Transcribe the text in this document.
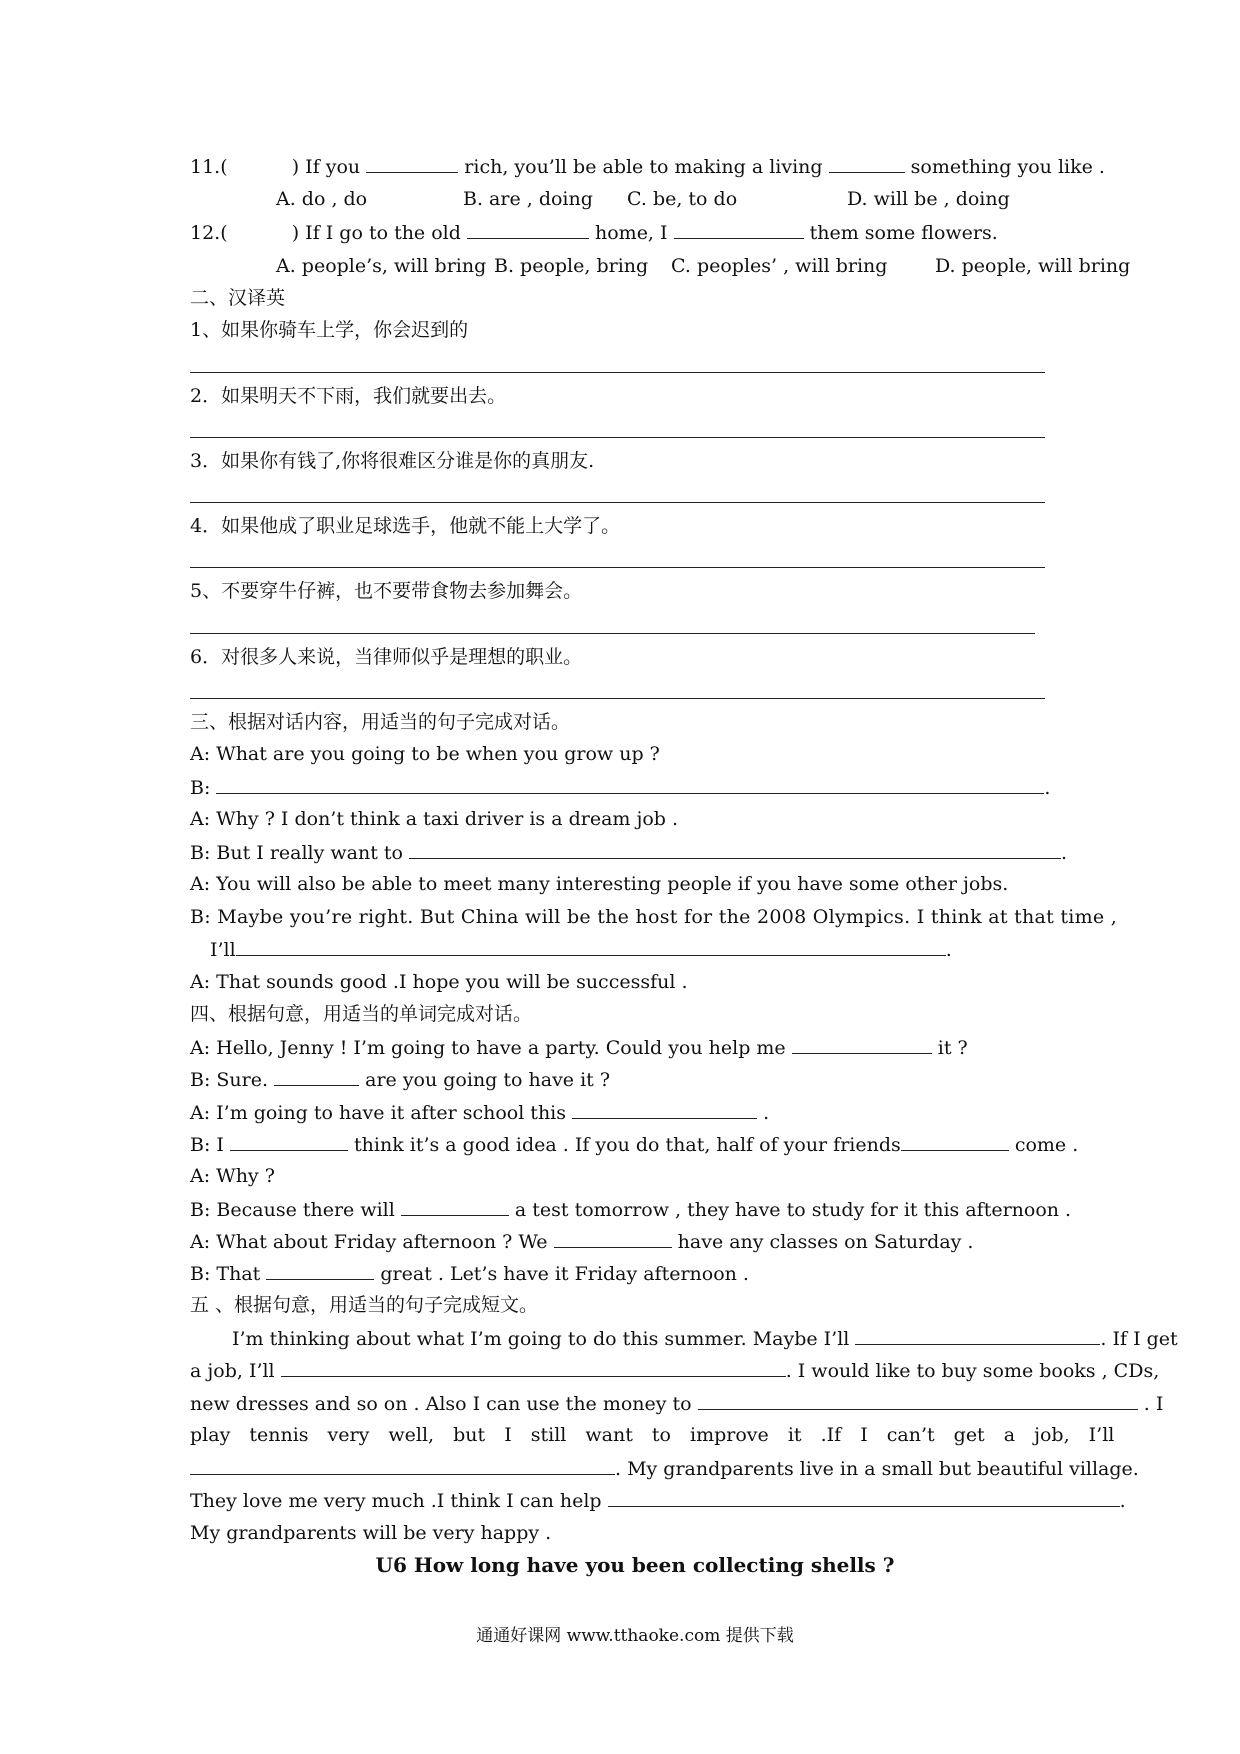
11.(	) If you	rich, you’ll be able to making a living	something you like .
A. do , do	B. are , doing C. be, to do	D. will be , doing
12.(	) If I go to the old	home, I	them some flowers.
A. people’s, will bring B. people, bring C. peoples’ , will bring	D. people, will bring
二、汉译英
1、如果你骑车上学，你会迟到的
2．如果明天不下雨，我们就要出去。
3．如果你有钱了,你将很难区分谁是你的真朋友.
4．如果他成了职业足球选手，他就不能上大学了。
5、不要穿牛仔裤，也不要带食物去参加舞会。
6．对很多人来说，当律师似乎是理想的职业。
三、根据对话内容，用适当的句子完成对话。
A: What are you going to be when you grow up ?
B:	.
A: Why ? I don’t think a taxi driver is a dream job .
B: But I really want to	.
A: You will also be able to meet many interesting people if you have some other jobs.
B: Maybe you’re right. But China will be the host for the 2008 Olympics. I think at that time ,
I’ll	.
A: That sounds good .I hope you will be successful .
四、根据句意，用适当的单词完成对话。
A: Hello, Jenny ! I’m going to have a party. Could you help me	it ?
B: Sure.	are you going to have it ?
A: I’m going to have it after school this	.
B: I	think it’s a good idea . If you do that, half of your friends	come .
A: Why ?
B: Because there will	a test tomorrow , they have to study for it this afternoon .
A: What about Friday afternoon ? We	have any classes on Saturday .
B: That	great . Let’s have it Friday afternoon .
五 、根据句意，用适当的句子完成短文。
I’m thinking about what I’m going to do this summer. Maybe I’ll	. If I get
a job, I’ll	. I would like to buy some books , CDs,
new dresses and so on . Also I can use the money to	. I
play tennis very well, but I still want to improve it .If I can’t get a job, I’ll
. My grandparents live in a small but beautiful village.
They love me very much .I think I can help	.
My grandparents will be very happy .
U6 How long have you been collecting shells ?
通通好课网 www.tthaoke.com 提供下载
